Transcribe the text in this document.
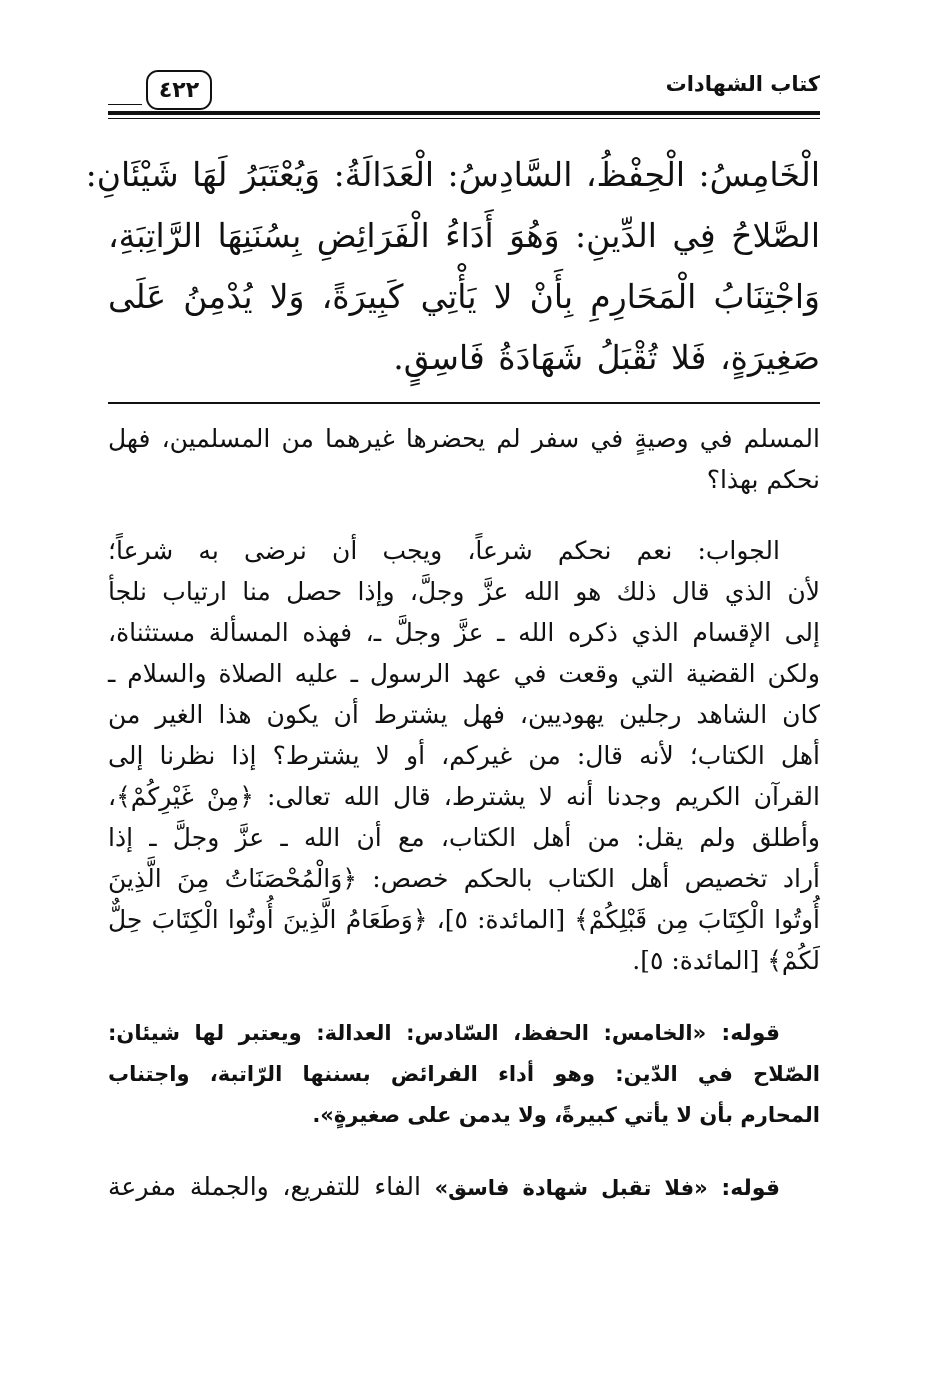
كتاب الشهادات
٤٢٢
الْخَامِسُ: الْحِفْظُ، السَّادِسُ: الْعَدَالَةُ: وَيُعْتَبَرُ لَهَا شَيْئَانِ:
الصَّلاحُ فِي الدِّينِ: وَهُوَ أَدَاءُ الْفَرَائِضِ بِسُنَنِهَا الرَّاتِبَةِ،
وَاجْتِنَابُ الْمَحَارِمِ بِأَنْ لا يَأْتِي كَبِيرَةً، وَلا يُدْمِنُ عَلَى
صَغِيرَةٍ، فَلا تُقْبَلُ شَهَادَةُ فَاسِقٍ.
المسلم في وصيةٍ في سفر لم يحضرها غيرهما من المسلمين، فهل
نحكم بهذا؟
الجواب: نعم نحكم شرعاً، ويجب أن نرضى به شرعاً؛
لأن الذي قال ذلك هو الله عزَّ وجلَّ، وإذا حصل منا ارتياب نلجأ
إلى الإقسام الذي ذكره الله ـ عزَّ وجلَّ ـ، فهذه المسألة مستثناة،
ولكن القضية التي وقعت في عهد الرسول ـ عليه الصلاة والسلام ـ
كان الشاهد رجلين يهوديين، فهل يشترط أن يكون هذا الغير من
أهل الكتاب؛ لأنه قال: من غيركم، أو لا يشترط؟ إذا نظرنا إلى
القرآن الكريم وجدنا أنه لا يشترط، قال الله تعالى: ﴿مِنْ غَيْرِكُمْ﴾،
وأطلق ولم يقل: من أهل الكتاب، مع أن الله ـ عزَّ وجلَّ ـ إذا
أراد تخصيص أهل الكتاب بالحكم خصص: ﴿وَالْمُحْصَنَاتُ مِنَ الَّذِينَ
أُوتُوا الْكِتَابَ مِن قَبْلِكُمْ﴾ [المائدة: ٥]، ﴿وَطَعَامُ الَّذِينَ أُوتُوا الْكِتَابَ حِلٌّ
لَكُمْ﴾ [المائدة: ٥].
قوله: «الخامس: الحفظ، السّادس: العدالة: ويعتبر لها شيئان:
الصّلاح في الدّين: وهو أداء الفرائض بسننها الرّاتبة، واجتناب
المحارم بأن لا يأتي كبيرةً، ولا يدمن على صغيرةٍ».
قوله: «فلا تقبل شهادة فاسق» الفاء للتفريع، والجملة مفرعة
